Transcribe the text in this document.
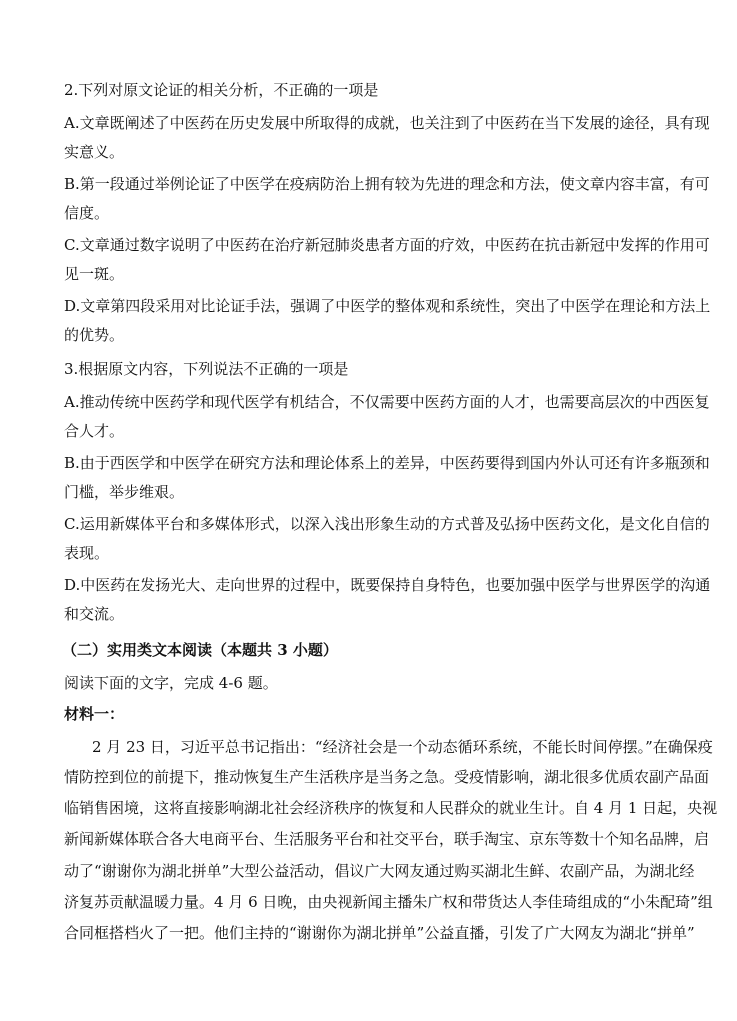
2.下列对原文论证的相关分析，不正确的一项是
A.文章既阐述了中医药在历史发展中所取得的成就，也关注到了中医药在当下发展的途径，具有现
实意义。
B.第一段通过举例论证了中医学在疫病防治上拥有较为先进的理念和方法，使文章内容丰富，有可
信度。
C.文章通过数字说明了中医药在治疗新冠肺炎患者方面的疗效，中医药在抗击新冠中发挥的作用可
见一斑。
D.文章第四段采用对比论证手法，强调了中医学的整体观和系统性，突出了中医学在理论和方法上
的优势。
3.根据原文内容，下列说法不正确的一项是
A.推动传统中医药学和现代医学有机结合，不仅需要中医药方面的人才，也需要高层次的中西医复
合人才。
B.由于西医学和中医学在研究方法和理论体系上的差异，中医药要得到国内外认可还有许多瓶颈和
门槛，举步维艰。
C.运用新媒体平台和多媒体形式，以深入浅出形象生动的方式普及弘扬中医药文化，是文化自信的
表现。
D.中医药在发扬光大、走向世界的过程中，既要保持自身特色，也要加强中医学与世界医学的沟通
和交流。
（二）实用类文本阅读（本题共 3 小题）
阅读下面的文字，完成 4-6 题。
材料一：
2 月 23 日，习近平总书记指出：“经济社会是一个动态循环系统，不能长时间停摆。”在确保疫
情防控到位的前提下，推动恢复生产生活秩序是当务之急。受疫情影响，湖北很多优质农副产品面
临销售困境，这将直接影响湖北社会经济秩序的恢复和人民群众的就业生计。自 4 月 1 日起，央视
新闻新媒体联合各大电商平台、生活服务平台和社交平台，联手淘宝、京东等数十个知名品牌，启
动了“谢谢你为湖北拼单”大型公益活动，倡议广大网友通过购买湖北生鲜、农副产品，为湖北经
济复苏贡献温暖力量。4 月 6 日晚，由央视新闻主播朱广权和带货达人李佳琦组成的“小朱配琦”组
合同框搭档火了一把。他们主持的“谢谢你为湖北拼单”公益直播，引发了广大网友为湖北“拼单”
